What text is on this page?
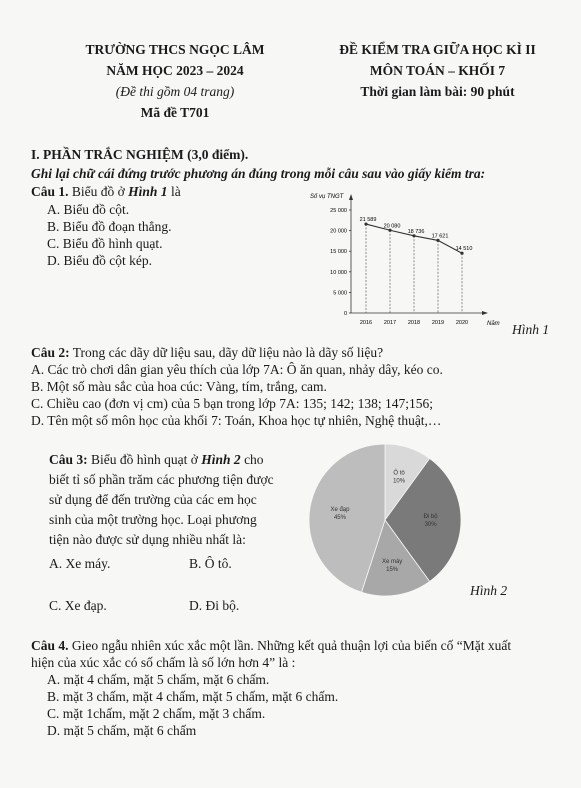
TRƯỜNG THCS NGỌC LÂM
NĂM HỌC 2023 – 2024
(Đề thi gồm 04 trang)
Mã đề T701
ĐỀ KIỂM TRA GIỮA HỌC KÌ II
MÔN TOÁN – KHỐI 7
Thời gian làm bài: 90 phút
I. PHẦN TRẮC NGHIỆM (3,0 điểm).
Ghi lại chữ cái đứng trước phương án đúng trong mỗi câu sau vào giấy kiểm tra:
Câu 1. Biểu đồ ở Hình 1 là
A. Biểu đồ cột.
B. Biểu đồ đoạn thẳng.
C. Biểu đồ hình quạt.
D. Biểu đồ cột kép.
Số vụ TNGT
Năm
0
5 000
10 000
15 000
20 000
25 000
2016 2017 2018 2019 2020
21 589
20 080
18 736
17 621
14 510
Hình 1
Câu 2: Trong các dãy dữ liệu sau, dãy dữ liệu nào là dãy số liệu?
A. Các trò chơi dân gian yêu thích của lớp 7A: Ô ăn quan, nhảy dây, kéo co.
B. Một số màu sắc của hoa cúc: Vàng, tím, trắng, cam.
C. Chiều cao (đơn vị cm) của 5 bạn trong lớp 7A: 135; 142; 138; 147;156;
D. Tên một số môn học của khối 7: Toán, Khoa học tự nhiên, Nghệ thuật,…
Câu 3: Biểu đồ hình quạt ở Hình 2 cho
biết tỉ số phần trăm các phương tiện được
sử dụng để đến trường của các em học
sinh của một trường học. Loại phương
tiện nào được sử dụng nhiều nhất là:
A. Xe máy.	B. Ô tô.
C. Xe đạp.	D. Đi bộ.
Ô tô
10%
Đi bộ
30%
Xe máy
15%
Xe đạp
45%
Hình 2
Câu 4. Gieo ngẫu nhiên xúc xắc một lần. Những kết quả thuận lợi của biến cố “Mặt xuất
hiện của xúc xắc có số chấm là số lớn hơn 4” là :
A. mặt 4 chấm, mặt 5 chấm, mặt 6 chấm.
B. mặt 3 chấm, mặt 4 chấm, mặt 5 chấm, mặt 6 chấm.
C. mặt 1chấm, mặt 2 chấm, mặt 3 chấm.
D. mặt 5 chấm, mặt 6 chấm
